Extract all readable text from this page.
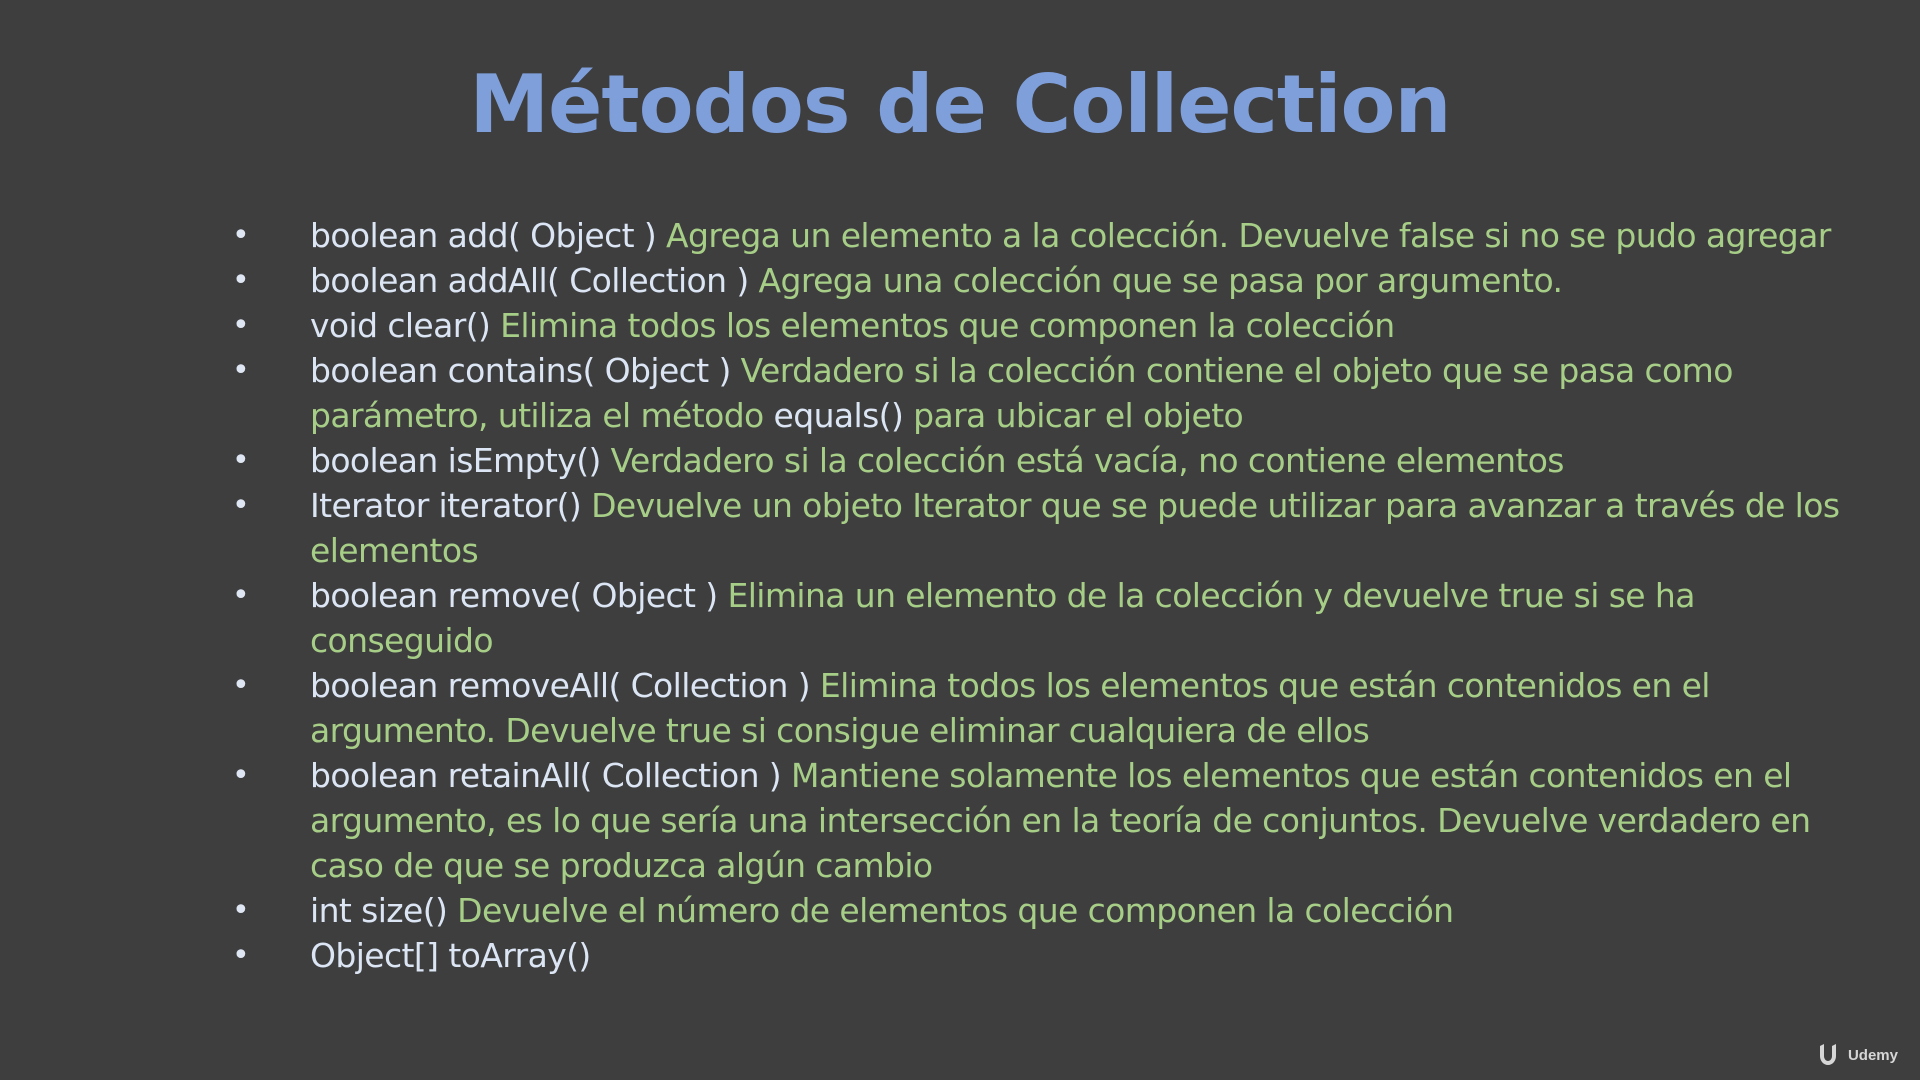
Métodos de Collection
• boolean add( Object ) Agrega un elemento a la colección. Devuelve false si no se pudo agregar
• boolean addAll( Collection ) Agrega una colección que se pasa por argumento.
• void clear() Elimina todos los elementos que componen la colección
• boolean contains( Object ) Verdadero si la colección contiene el objeto que se pasa como parámetro, utiliza el método equals() para ubicar el objeto
• boolean isEmpty() Verdadero si la colección está vacía, no contiene elementos
• Iterator iterator() Devuelve un objeto Iterator que se puede utilizar para avanzar a través de los elementos
• boolean remove( Object ) Elimina un elemento de la colección y devuelve true si se ha conseguido
• boolean removeAll( Collection ) Elimina todos los elementos que están contenidos en el argumento. Devuelve true si consigue eliminar cualquiera de ellos
• boolean retainAll( Collection ) Mantiene solamente los elementos que están contenidos en el argumento, es lo que sería una intersección en la teoría de conjuntos. Devuelve verdadero en caso de que se produzca algún cambio
• int size() Devuelve el número de elementos que componen la colección
• Object[] toArray()
Udemy
